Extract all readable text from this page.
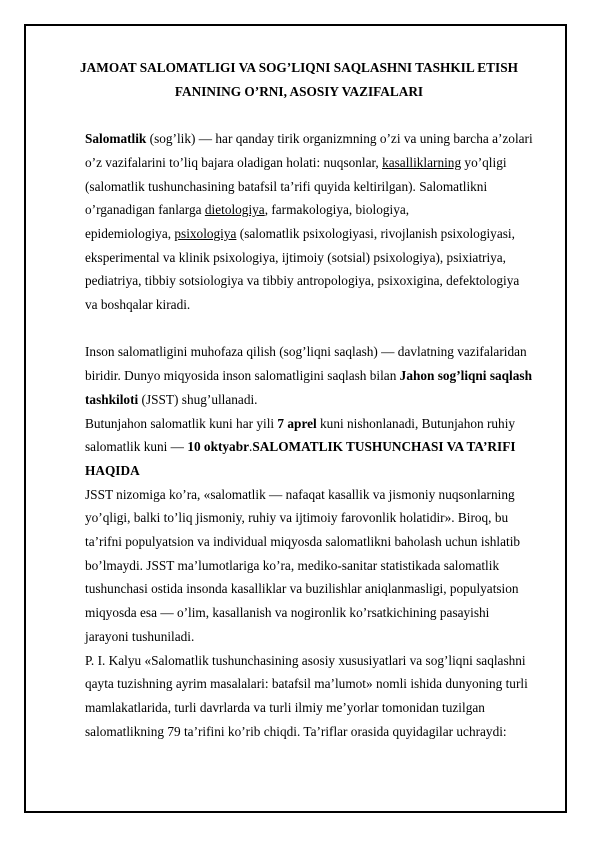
JAMOAT SALOMATLIGI VA SOG’LIQNI SAQLASHNI TASHKIL ETISH
FANINING O’RNI, ASOSIY VAZIFALARI

Salomatlik (sog’lik) — har qanday tirik organizmning o’zi va uning barcha a’zolari o’z vazifalarini to’liq bajara oladigan holati: nuqsonlar, kasalliklarning yo’qligi (salomatlik tushunchasining batafsil ta’rifi quyida keltirilgan). Salomatlikni o’rganadigan fanlarga dietologiya, farmakologiya, biologiya,
epidemiologiya, psixologiya (salomatlik psixologiyasi, rivojlanish psixologiyasi, eksperimental va klinik psixologiya, ijtimoiy (sotsial) psixologiya), psixiatriya, pediatriya, tibbiy sotsiologiya va tibbiy antropologiya, psixoxigina, defektologiya va boshqalar kiradi.

Inson salomatligini muhofaza qilish (sog’liqni saqlash) — davlatning vazifalaridan biridir. Dunyo miqyosida inson salomatligini saqlash bilan Jahon sog’liqni saqlash tashkiloti (JSST) shug’ullanadi.

Butunjahon salomatlik kuni har yili 7 aprel kuni nishonlanadi, Butunjahon ruhiy salomatlik kuni — 10 oktyabr.SALOMATLIK TUSHUNCHASI VA TA’RIFI HAQIDA

JSST nizomiga ko’ra, «salomatlik — nafaqat kasallik va jismoniy nuqsonlarning yo’qligi, balki to’liq jismoniy, ruhiy va ijtimoiy farovonlik holatidir». Biroq, bu ta’rifni populyatsion va individual miqyosda salomatlikni baholash uchun ishlatib bo’lmaydi. JSST ma’lumotlariga ko’ra, mediko-sanitar statistikada salomatlik tushunchasi ostida insonda kasalliklar va buzilishlar aniqlanmasligi, populyatsion miqyosda esa — o’lim, kasallanish va nogironlik ko’rsatkichining pasayishi jarayoni tushuniladi.

P. I. Kalyu «Salomatlik tushunchasining asosiy xususiyatlari va sog’liqni saqlashni qayta tuzishning ayrim masalalari: batafsil ma’lumot» nomli ishida dunyoning turli mamlakatlarida, turli davrlarda va turli ilmiy me’yorlar tomonidan tuzilgan salomatlikning 79 ta’rifini ko’rib chiqdi. Ta’riflar orasida quyidagilar uchraydi:
